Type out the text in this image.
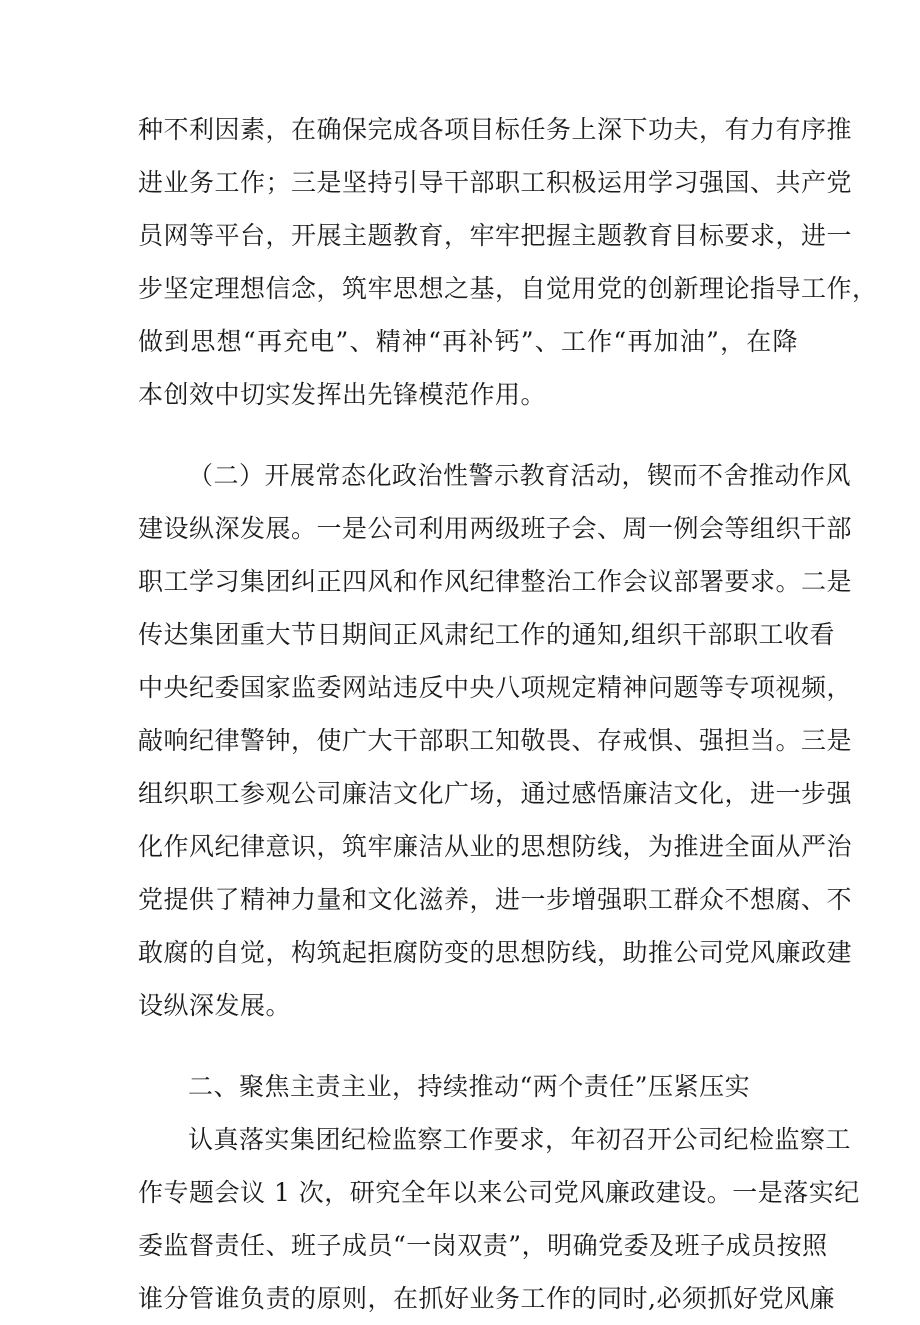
种不利因素，在确保完成各项目标任务上深下功夫，有力有序推
进业务工作；三是坚持引导干部职工积极运用学习强国、共产党
员网等平台，开展主题教育，牢牢把握主题教育目标要求，进一
步坚定理想信念，筑牢思想之基，自觉用党的创新理论指导工作，
做到思想“再充电”、精神“再补钙”、工作“再加油”，在降
本创效中切实发挥出先锋模范作用。
（二）开展常态化政治性警示教育活动，锲而不舍推动作风
建设纵深发展。一是公司利用两级班子会、周一例会等组织干部
职工学习集团纠正四风和作风纪律整治工作会议部署要求。二是
传达集团重大节日期间正风肃纪工作的通知,组织干部职工收看
中央纪委国家监委网站违反中央八项规定精神问题等专项视频，
敲响纪律警钟，使广大干部职工知敬畏、存戒惧、强担当。三是
组织职工参观公司廉洁文化广场，通过感悟廉洁文化，进一步强
化作风纪律意识，筑牢廉洁从业的思想防线，为推进全面从严治
党提供了精神力量和文化滋养，进一步增强职工群众不想腐、不
敢腐的自觉，构筑起拒腐防变的思想防线，助推公司党风廉政建
设纵深发展。
二、聚焦主责主业，持续推动“两个责任”压紧压实
认真落实集团纪检监察工作要求，年初召开公司纪检监察工
作专题会议 1 次，研究全年以来公司党风廉政建设。一是落实纪
委监督责任、班子成员“一岗双责”，明确党委及班子成员按照
谁分管谁负责的原则，在抓好业务工作的同时,必须抓好党风廉
